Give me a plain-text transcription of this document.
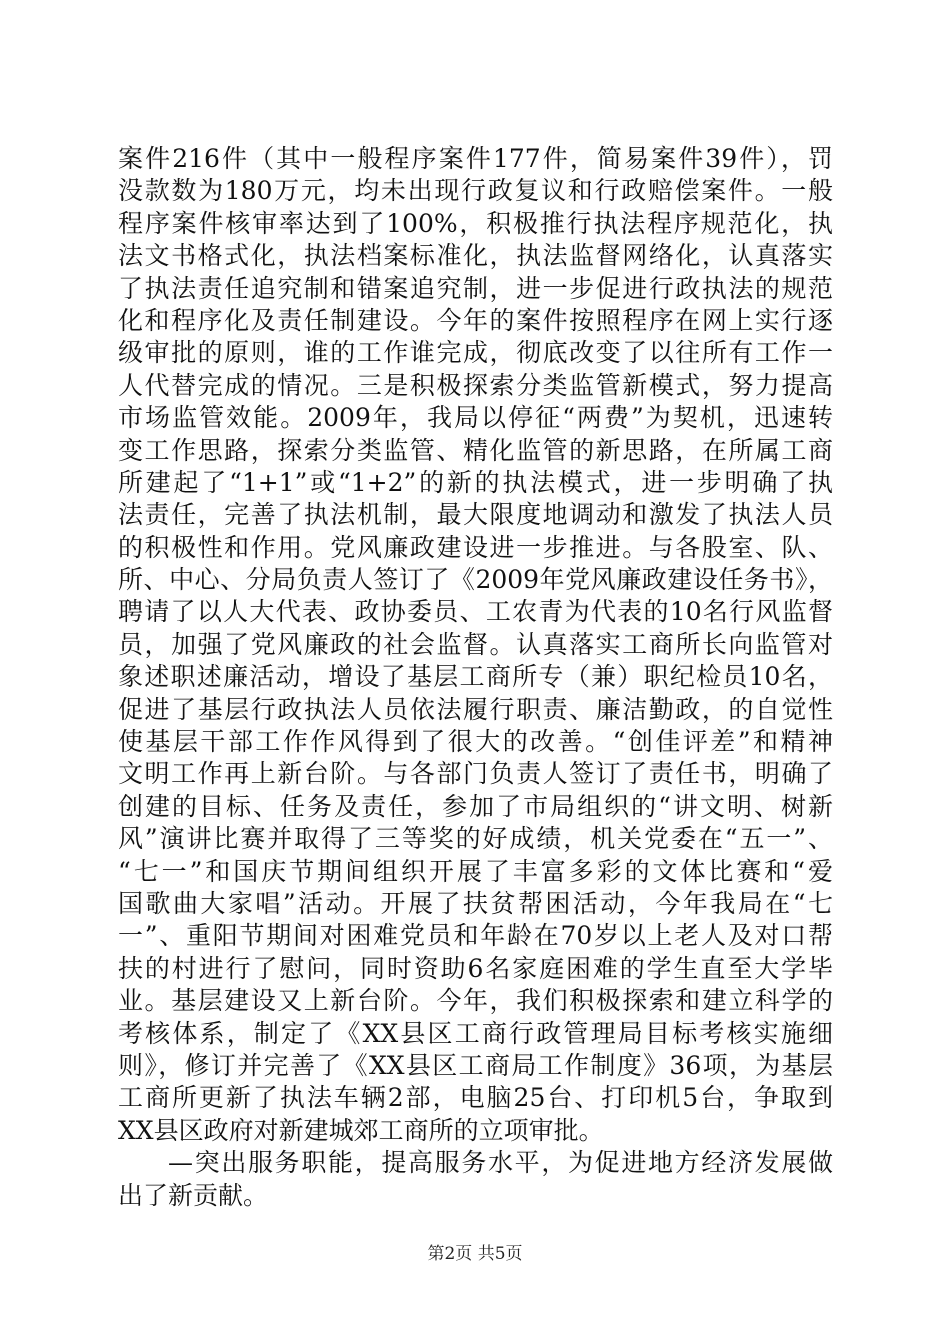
案件216件（其中一般程序案件177件，简易案件39件），罚
没款数为180万元，均未出现行政复议和行政赔偿案件。一般
程序案件核审率达到了100%，积极推行执法程序规范化，执
法文书格式化，执法档案标准化，执法监督网络化，认真落实
了执法责任追究制和错案追究制，进一步促进行政执法的规范
化和程序化及责任制建设。今年的案件按照程序在网上实行逐
级审批的原则，谁的工作谁完成，彻底改变了以往所有工作一
人代替完成的情况。三是积极探索分类监管新模式，努力提高
市场监管效能。2009年，我局以停征“两费”为契机，迅速转
变工作思路，探索分类监管、精化监管的新思路，在所属工商
所建起了“1+1”或“1+2”的新的执法模式，进一步明确了执
法责任，完善了执法机制，最大限度地调动和激发了执法人员
的积极性和作用。党风廉政建设进一步推进。与各股室、队、
所、中心、分局负责人签订了《2009年党风廉政建设任务书》，
聘请了以人大代表、政协委员、工农青为代表的10名行风监督
员，加强了党风廉政的社会监督。认真落实工商所长向监管对
象述职述廉活动，增设了基层工商所专（兼）职纪检员10名，
促进了基层行政执法人员依法履行职责、廉洁勤政，的自觉性
使基层干部工作作风得到了很大的改善。“创佳评差”和精神
文明工作再上新台阶。与各部门负责人签订了责任书，明确了
创建的目标、任务及责任，参加了市局组织的“讲文明、树新
风”演讲比赛并取得了三等奖的好成绩，机关党委在“五一”、
“七一”和国庆节期间组织开展了丰富多彩的文体比赛和“爱
国歌曲大家唱”活动。开展了扶贫帮困活动，今年我局在“七
一”、重阳节期间对困难党员和年龄在70岁以上老人及对口帮
扶的村进行了慰问，同时资助6名家庭困难的学生直至大学毕
业。基层建设又上新台阶。今年，我们积极探索和建立科学的
考核体系，制定了《XX县区工商行政管理局目标考核实施细
则》，修订并完善了《XX县区工商局工作制度》36项，为基层
工商所更新了执法车辆2部，电脑25台、打印机5台，争取到
XX县区政府对新建城郊工商所的立项审批。
—突出服务职能，提高服务水平，为促进地方经济发展做
出了新贡献。
第2页 共5页
